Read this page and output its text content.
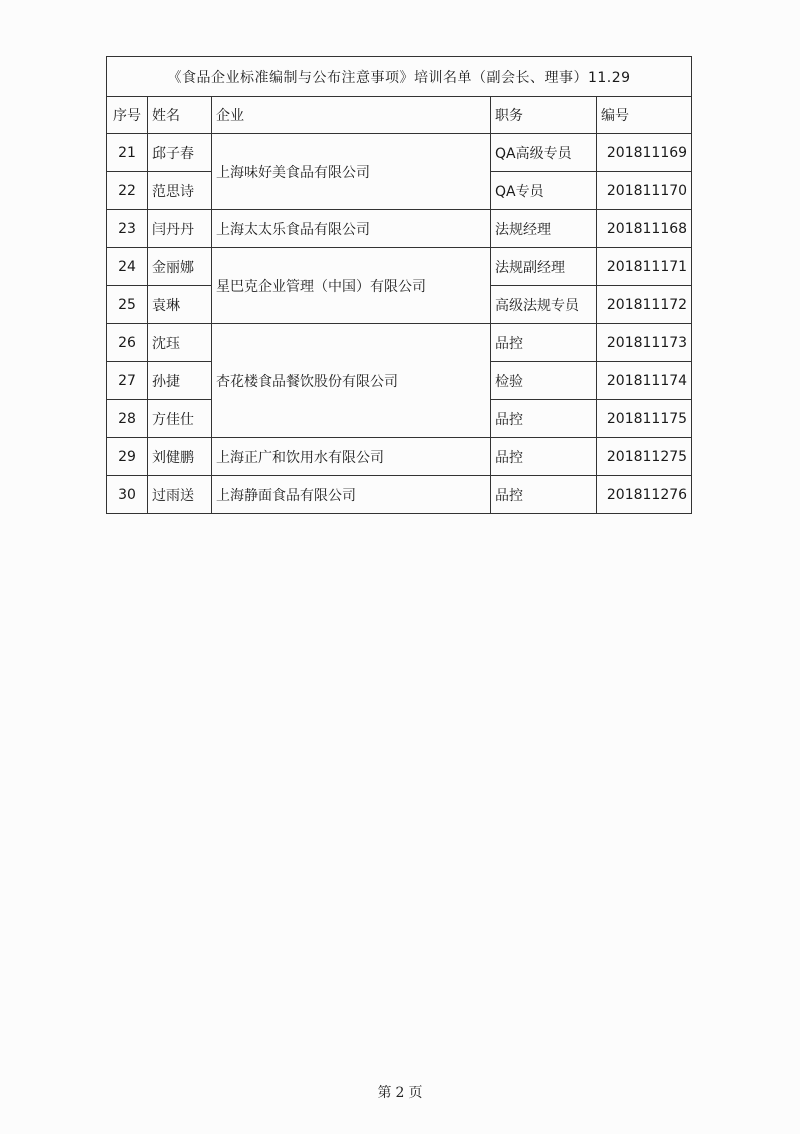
《食品企业标准编制与公布注意事项》培训名单（副会长、理事）11.29				
序号	姓名	企业	职务	编号
21	邱子春	上海味好美食品有限公司	QA高级专员	201811169
22	范思诗		QA专员	201811170
23	闫丹丹	上海太太乐食品有限公司	法规经理	201811168
24	金丽娜	星巴克企业管理（中国）有限公司	法规副经理	201811171
25	袁琳		高级法规专员	201811172
26	沈珏	杏花楼食品餐饮股份有限公司	品控	201811173
27	孙捷		检验	201811174
28	方佳仕		品控	201811175
29	刘健鹏	上海正广和饮用水有限公司	品控	201811275
30	过雨送	上海静面食品有限公司	品控	201811276
第 2 页
